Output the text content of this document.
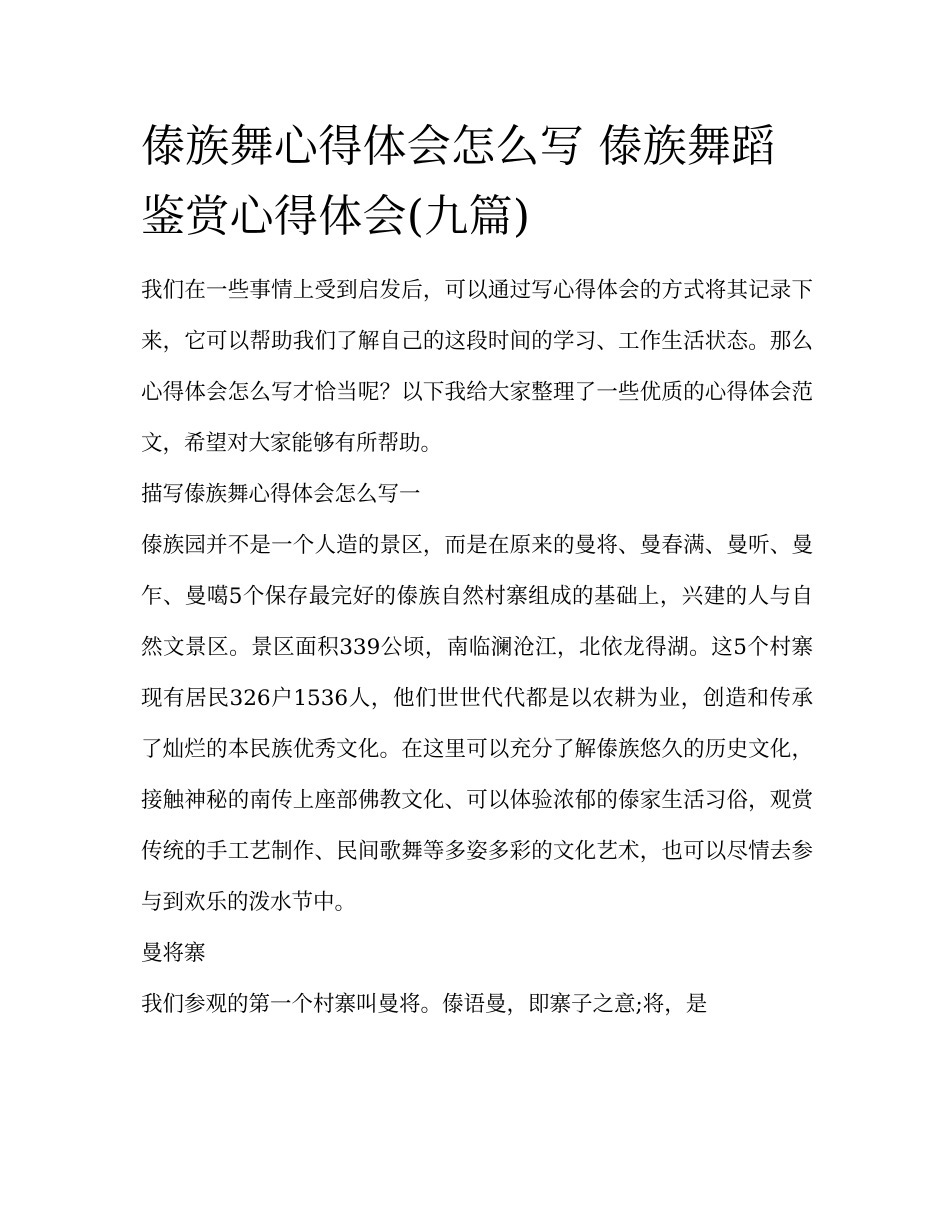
傣族舞心得体会怎么写 傣族舞蹈鉴赏心得体会(九篇)

我们在一些事情上受到启发后，可以通过写心得体会的方式将其记录下来，它可以帮助我们了解自己的这段时间的学习、工作生活状态。那么心得体会怎么写才恰当呢？以下我给大家整理了一些优质的心得体会范文，希望对大家能够有所帮助。

描写傣族舞心得体会怎么写一

傣族园并不是一个人造的景区，而是在原来的曼将、曼春满、曼听、曼乍、曼噶5个保存最完好的傣族自然村寨组成的基础上，兴建的人与自然文景区。景区面积339公顷，南临澜沧江，北依龙得湖。这5个村寨现有居民326户1536人，他们世世代代都是以农耕为业，创造和传承了灿烂的本民族优秀文化。在这里可以充分了解傣族悠久的历史文化，接触神秘的南传上座部佛教文化、可以体验浓郁的傣家生活习俗，观赏传统的手工艺制作、民间歌舞等多姿多彩的文化艺术，也可以尽情去参与到欢乐的泼水节中。

曼将寨

我们参观的第一个村寨叫曼将。傣语曼，即寨子之意;将，是
